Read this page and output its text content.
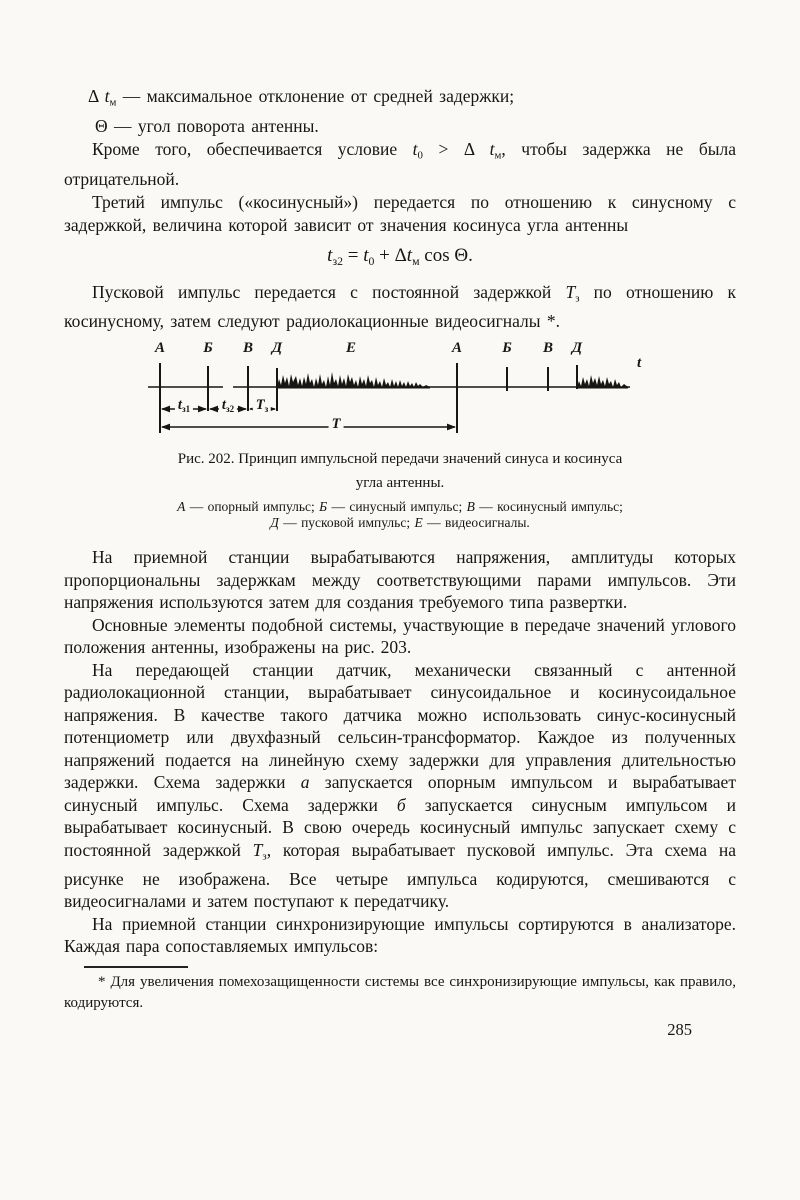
Δ tм — максимальное отклонение от средней задержки;

Θ — угол поворота антенны.

Кроме того, обеспечивается условие t0 > Δ tм, чтобы задержка не была отрицательной.

Третий импульс («косинусный») передается по отношению к синусному с задержкой, величина которой зависит от значения косинуса угла антенны

tз2 = t0 + Δtм cos Θ.

Пусковой импульс передается с постоянной задержкой Тз по отношению к косинусному, затем следуют радиолокационные видеосигналы *.

А	Б В Д	Е	А	Б В Д
t
tз1 tз2 Тз
Т

Рис. 202. Принцип импульсной передачи значений синуса и косинуса

угла антенны.

А — опорный импульс; Б — синусный импульс; В — косинусный импульс;

Д — пусковой импульс; Е — видеосигналы.

На приемной станции вырабатываются напряжения, амплитуды которых пропорциональны задержкам между соответствующими парами импульсов. Эти напряжения используются затем для создания требуемого типа развертки.

Основные элементы подобной системы, участвующие в передаче значений углового положения антенны, изображены на рис. 203.

На передающей станции датчик, механически связанный с антенной радиолокационной станции, вырабатывает синусоидальное и косинусоидальное напряжения. В качестве такого датчика можно использовать синус-косинусный потенциометр или двухфазный сельсин-трансформатор. Каждое из полученных напряжений подается на линейную схему задержки для управления длительностью задержки. Схема задержки а запускается опорным импульсом и вырабатывает синусный импульс. Схема задержки б запускается синусным импульсом и вырабатывает косинусный. В свою очередь косинусный импульс запускает схему с постоянной задержкой Тз, которая вырабатывает пусковой импульс. Эта схема на рисунке не изображена. Все четыре импульса кодируются, смешиваются с видеосигналами и затем поступают к передатчику.

На приемной станции синхронизирующие импульсы сортируются в анализаторе. Каждая пара сопоставляемых импульсов:

* Для увеличения помехозащищенности системы все синхронизирующие импульсы, как правило, кодируются.

285
